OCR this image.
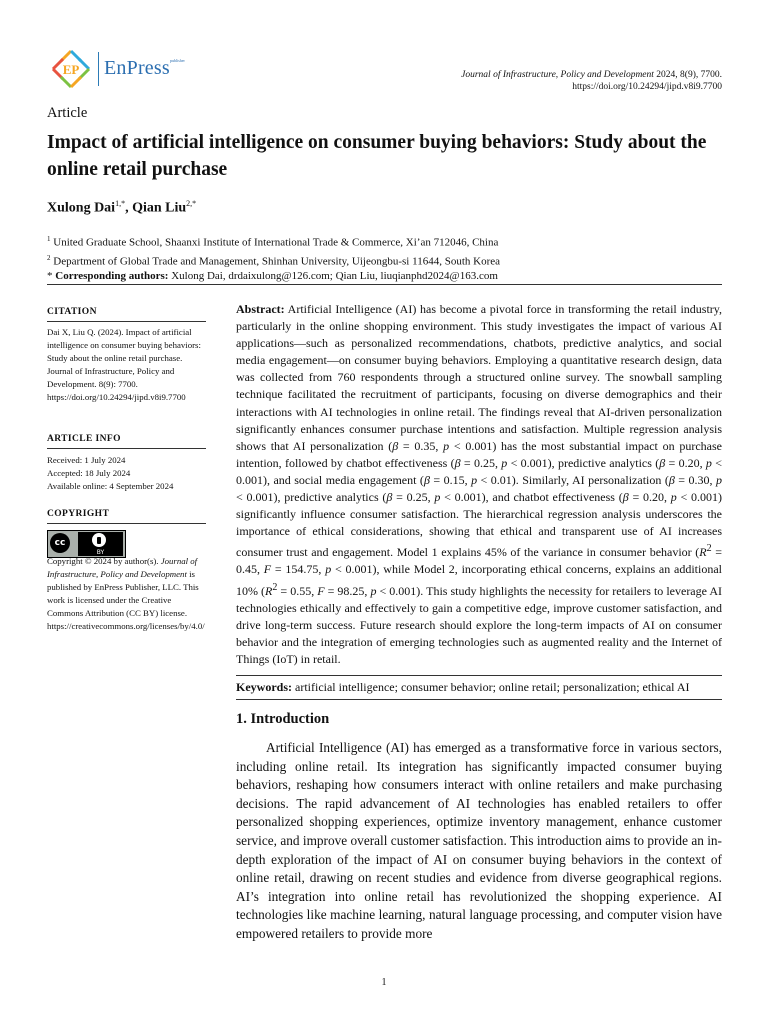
EP EnPress publisher
Journal of Infrastructure, Policy and Development 2024, 8(9), 7700.
https://doi.org/10.24294/jipd.v8i9.7700
Article
Impact of artificial intelligence on consumer buying behaviors: Study about the online retail purchase
Xulong Dai$^{1,*}$, Qian Liu$^{2,*}$
$^1$ United Graduate School, Shaanxi Institute of International Trade & Commerce, Xi’an 712046, China
$^2$ Department of Global Trade and Management, Shinhan University, Uijeongbu-si 11644, South Korea
* Corresponding authors: Xulong Dai, drdaixulong@126.com; Qian Liu, liuqianphd2024@163.com
CITATION
Dai X, Liu Q. (2024). Impact of artificial intelligence on consumer buying behaviors: Study about the online retail purchase. Journal of Infrastructure, Policy and Development. 8(9): 7700. https://doi.org/10.24294/jipd.v8i9.7700
ARTICLE INFO
Received: 1 July 2024
Accepted: 18 July 2024
Available online: 4 September 2024
COPYRIGHT
cc
BY
Copyright © 2024 by author(s). Journal of Infrastructure, Policy and Development is published by EnPress Publisher, LLC. This work is licensed under the Creative Commons Attribution (CC BY) license. https://creativecommons.org/licenses/by/4.0/
Abstract: Artificial Intelligence (AI) has become a pivotal force in transforming the retail industry, particularly in the online shopping environment. This study investigates the impact of various AI applications—such as personalized recommendations, chatbots, predictive analytics, and social media engagement—on consumer buying behaviors. Employing a quantitative research design, data was collected from 760 respondents through a structured online survey. The snowball sampling technique facilitated the recruitment of participants, focusing on diverse demographics and their interactions with AI technologies in online retail. The findings reveal that AI-driven personalization significantly enhances consumer purchase intentions and satisfaction. Multiple regression analysis shows that AI personalization (β = 0.35, p < 0.001) has the most substantial impact on purchase intention, followed by chatbot effectiveness (β = 0.25, p < 0.001), predictive analytics (β = 0.20, p < 0.001), and social media engagement (β = 0.15, p < 0.01). Similarly, AI personalization (β = 0.30, p < 0.001), predictive analytics (β = 0.25, p < 0.001), and chatbot effectiveness (β = 0.20, p < 0.001) significantly influence consumer satisfaction. The hierarchical regression analysis underscores the importance of ethical considerations, showing that ethical and transparent use of AI increases consumer trust and engagement. Model 1 explains 45% of the variance in consumer behavior ($R^2 = 0.45$, F = 154.75, p < 0.001), while Model 2, incorporating ethical concerns, explains an additional 10% ($R^2 = 0.55$, F = 98.25, p < 0.001). This study highlights the necessity for retailers to leverage AI technologies ethically and effectively to gain a competitive edge, improve customer satisfaction, and drive long-term success. Future research should explore the long-term impacts of AI on consumer behavior and the integration of emerging technologies such as augmented reality and the Internet of Things (IoT) in retail.
Keywords: artificial intelligence; consumer behavior; online retail; personalization; ethical AI
1. Introduction
Artificial Intelligence (AI) has emerged as a transformative force in various sectors, including online retail. Its integration has significantly impacted consumer buying behaviors, reshaping how consumers interact with online retailers and make purchasing decisions. The rapid advancement of AI technologies has enabled retailers to offer personalized shopping experiences, optimize inventory management, enhance customer service, and improve overall customer satisfaction. This introduction aims to provide an in-depth exploration of the impact of AI on consumer buying behaviors in the context of online retail, drawing on recent studies and evidence from diverse geographical regions. AI’s integration into online retail has revolutionized the shopping experience. AI technologies like machine learning, natural language processing, and computer vision have empowered retailers to provide more
1
